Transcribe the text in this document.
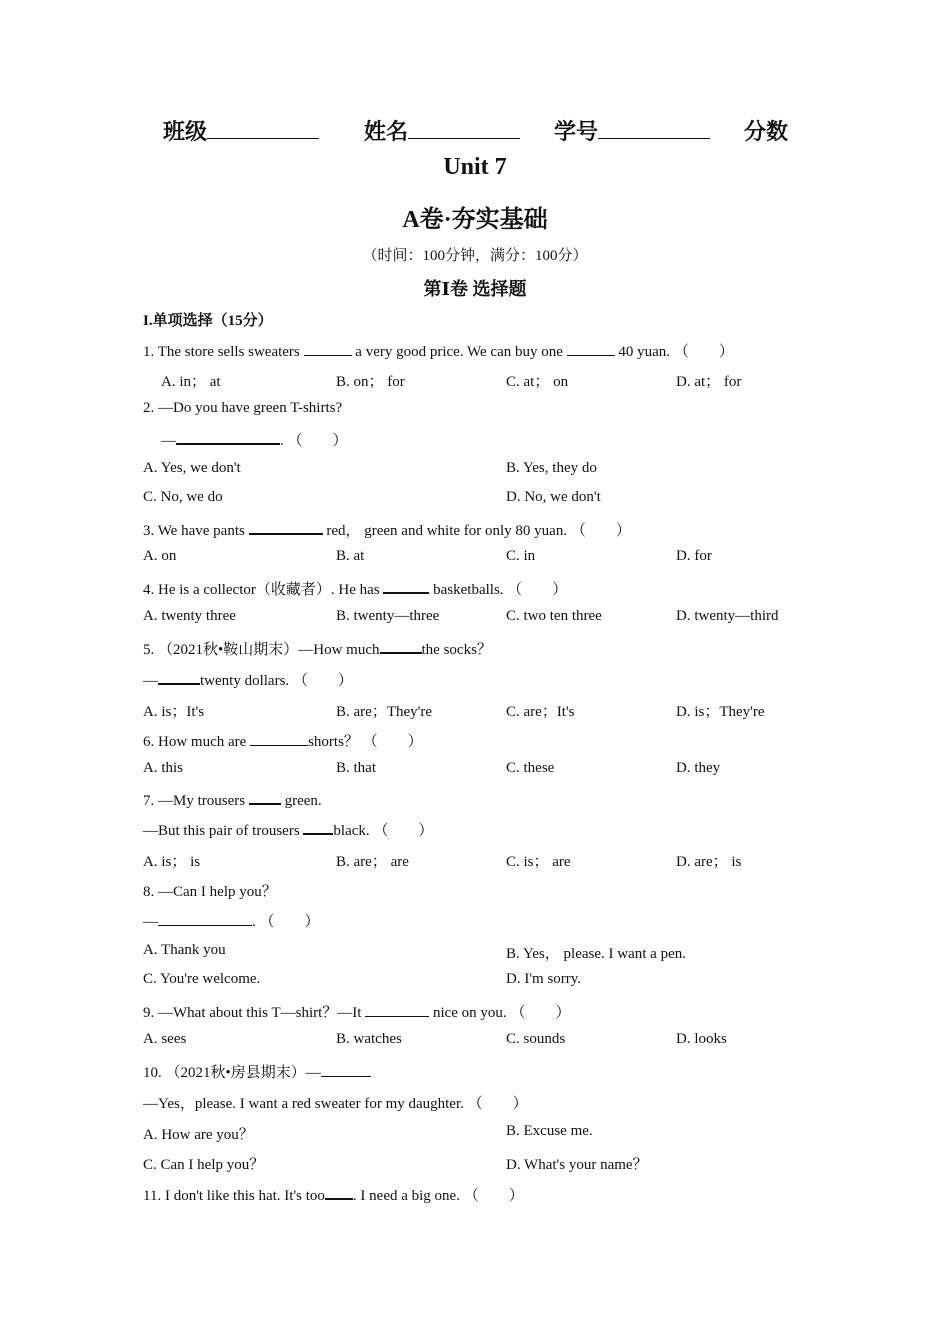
班级	姓名	学号	分数
Unit 7
A卷·夯实基础
（时间：100分钟，满分：100分）
第Ⅰ卷 选择题
I.单项选择（15分）
1. The store sells sweaters	a very good price. We can buy one	40 yuan. （　　）
A. in； at	B. on； for	C. at； on	D. at； for
2. —Do you have green T-shirts?
—	. （　　）
A. Yes, we don't	B. Yes, they do
C. No, we do	D. No, we don't
3. We have pants	red， green and white for only 80 yuan. （　　）
A. on	B. at	C. in	D. for
4. He is a collector（收藏者）. He has	basketballs. （　　）
A. twenty three	B. twenty—three	C. two ten three	D. twenty—third
5. （2021秋•鞍山期末）—How much	the socks？
—	twenty dollars. （　　）
A. is；It's	B. are；They're	C. are；It's	D. is；They're
6. How much are	shorts？ （　　）
A. this	B. that	C. these	D. they
7. —My trousers	green.
—But this pair of trousers black. （　　）
A. is； is	B. are； are	C. is； are	D. are； is
8. —Can I help you？
—	. （　　）
A. Thank you	B. Yes， please. I want a pen.
C. You're welcome.	D. I'm sorry.
9. —What about this T—shirt？—It	nice on you. （　　）
A. sees	B. watches	C. sounds	D. looks
10. （2021秋•房县期末）—
—Yes，please. I want a red sweater for my daughter. （　　）
A. How are you？	B. Excuse me.
C. Can I help you？	D. What's your name？
11. I don't like this hat. It's too . I need a big one. （　　）
